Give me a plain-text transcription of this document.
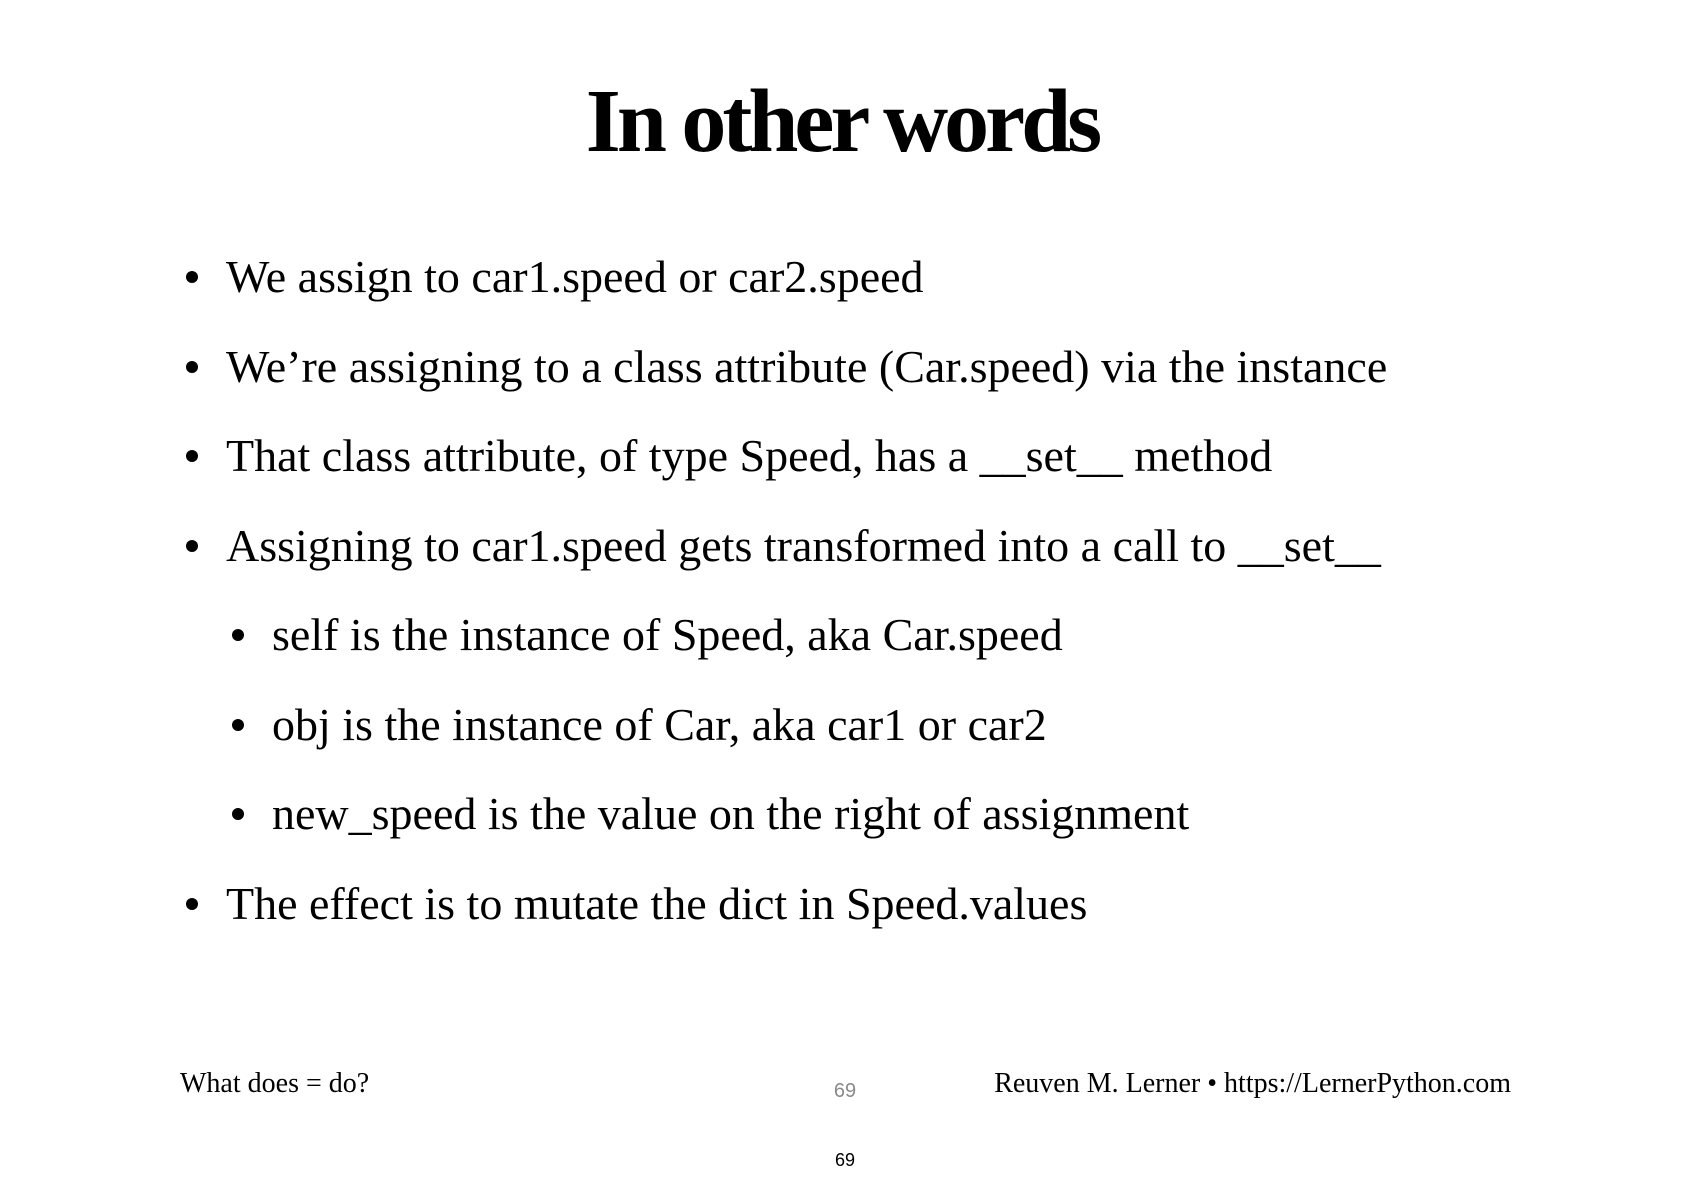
In other words
We assign to car1.speed or car2.speed
We’re assigning to a class attribute (Car.speed) via the instance
That class attribute, of type Speed, has a __set__ method
Assigning to car1.speed gets transformed into a call to __set__
self is the instance of Speed, aka Car.speed
obj is the instance of Car, aka car1 or car2
new_speed is the value on the right of assignment
The effect is to mutate the dict in Speed.values
What does = do?	69	Reuven M. Lerner • https://LernerPython.com
69
